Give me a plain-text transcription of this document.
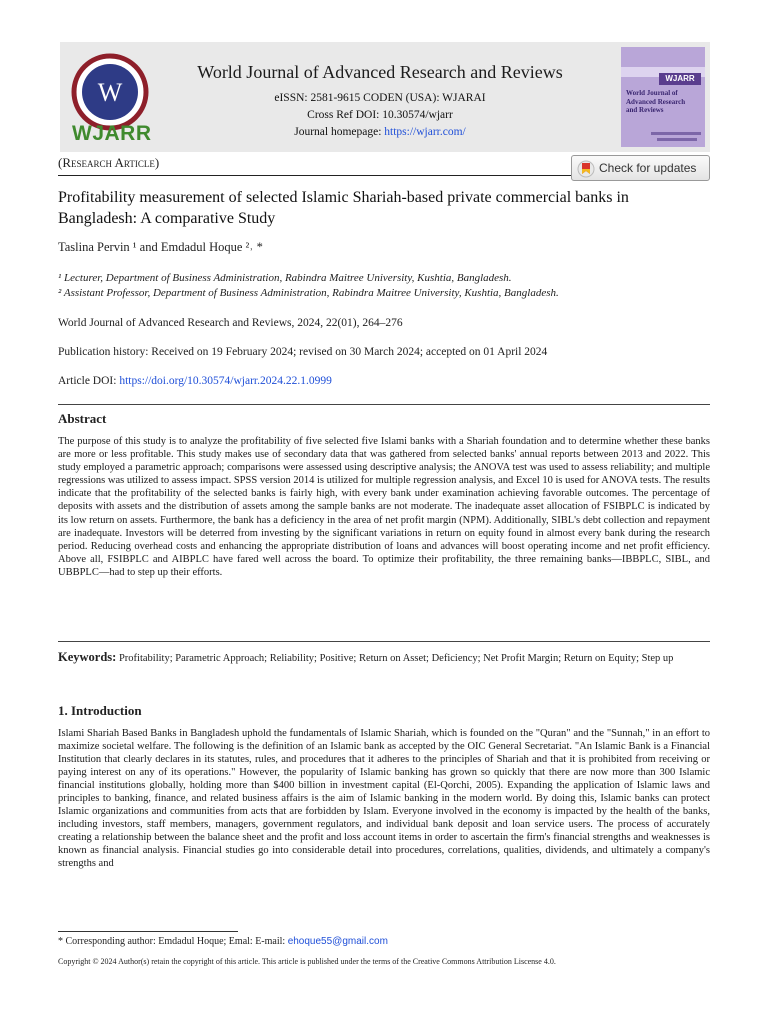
W
WJARR
World Journal of Advanced Research and Reviews
eISSN: 2581-9615 CODEN (USA): WJARAI
Cross Ref DOI: 10.30574/wjarr
Journal homepage: https://wjarr.com/
WJARR
World Journal of Advanced Research and Reviews
(Research Article)	Check for updates
Profitability measurement of selected Islamic Shariah-based private commercial banks in Bangladesh: A comparative Study
Taslina Pervin ¹ and Emdadul Hoque ²˒ *
¹ Lecturer, Department of Business Administration, Rabindra Maitree University, Kushtia, Bangladesh.
² Assistant Professor, Department of Business Administration, Rabindra Maitree University, Kushtia, Bangladesh.
World Journal of Advanced Research and Reviews, 2024, 22(01), 264–276
Publication history: Received on 19 February 2024; revised on 30 March 2024; accepted on 01 April 2024
Article DOI: https://doi.org/10.30574/wjarr.2024.22.1.0999
Abstract
The purpose of this study is to analyze the profitability of five selected five Islami banks with a Shariah foundation and to determine whether these banks are more or less profitable. This study makes use of secondary data that was gathered from selected banks' annual reports between 2013 and 2022. This study employed a parametric approach; comparisons were assessed using descriptive analysis; the ANOVA test was used to assess reliability; and multiple regressions was utilized to assess impact. SPSS version 2014 is utilized for multiple regression analysis, and Excel 10 is used for ANOVA tests. The results indicate that the profitability of the selected banks is fairly high, with every bank under examination achieving favorable outcomes. The percentage of deposits with assets and the distribution of assets among the sample banks are not moderate. The inadequate asset allocation of FSIBPLC is indicated by its low return on assets. Furthermore, the bank has a deficiency in the area of net profit margin (NPM). Additionally, SIBL's debt collection and repayment are inadequate. Investors will be deterred from investing by the significant variations in return on equity found in almost every bank during the research period. Reducing overhead costs and enhancing the appropriate distribution of loans and advances will boost operating income and net profit efficiency. Above all, FSIBPLC and AIBPLC have fared well across the board. To optimize their profitability, the three remaining banks—IBBPLC, SIBL, and UBBPLC—had to step up their efforts.
Keywords: Profitability; Parametric Approach; Reliability; Positive; Return on Asset; Deficiency; Net Profit Margin; Return on Equity; Step up
1. Introduction
Islami Shariah Based Banks in Bangladesh uphold the fundamentals of Islamic Shariah, which is founded on the "Quran" and the "Sunnah," in an effort to maximize societal welfare. The following is the definition of an Islamic bank as accepted by the OIC General Secretariat. "An Islamic Bank is a Financial Institution that clearly declares in its statutes, rules, and procedures that it adheres to the principles of Shariah and that it is prohibited from receiving or paying interest on any of its operations." However, the popularity of Islamic banking has grown so quickly that there are now more than 300 Islamic financial institutions globally, holding more than $400 billion in investment capital (El-Qorchi, 2005). Expanding the application of Islamic laws and principles to banking, finance, and related business affairs is the aim of Islamic banking in the modern world. By doing this, Islamic banks can protect Islamic organizations and communities from acts that are forbidden by Islam. Everyone involved in the economy is impacted by the health of the banks, including investors, staff members, managers, government regulators, and individual bank deposit and loan service users. The process of accurately creating a relationship between the balance sheet and the profit and loss account items in order to ascertain the firm's financial strengths and weaknesses is known as financial analysis. Financial studies go into considerable detail into procedures, correlations, qualities, dividends, and ultimately a company's strengths and
* Corresponding author: Emdadul Hoque; Emal: E-mail: ehoque55@gmail.com
Copyright © 2024 Author(s) retain the copyright of this article. This article is published under the terms of the Creative Commons Attribution Liscense 4.0.
